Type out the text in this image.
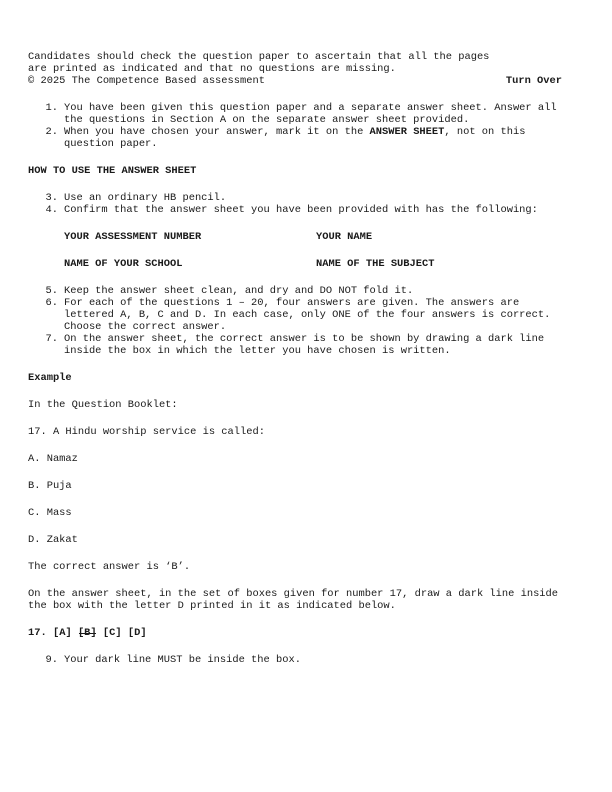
Candidates should check the question paper to ascertain that all the pages
are printed as indicated and that no questions are missing.
© 2025 The Competence Based assessment	Turn Over
1. You have been given this question paper and a separate answer sheet. Answer all the questions in Section A on the separate answer sheet provided.
2. When you have chosen your answer, mark it on the ANSWER SHEET, not on this question paper.
HOW TO USE THE ANSWER SHEET
3. Use an ordinary HB pencil.
4. Confirm that the answer sheet you have been provided with has the following:
YOUR ASSESSMENT NUMBER	YOUR NAME
NAME OF YOUR SCHOOL	NAME OF THE SUBJECT
5. Keep the answer sheet clean, and dry and DO NOT fold it.
6. For each of the questions 1 – 20, four answers are given. The answers are lettered A, B, C and D. In each case, only ONE of the four answers is correct. Choose the correct answer.
7. On the answer sheet, the correct answer is to be shown by drawing a dark line inside the box in which the letter you have chosen is written.
Example
In the Question Booklet:
17. A Hindu worship service is called:
A. Namaz
B. Puja
C. Mass
D. Zakat
The correct answer is ‘B’.
On the answer sheet, in the set of boxes given for number 17, draw a dark line inside the box with the letter D printed in it as indicated below.
17. [A] [B] [C] [D]
9. Your dark line MUST be inside the box.
